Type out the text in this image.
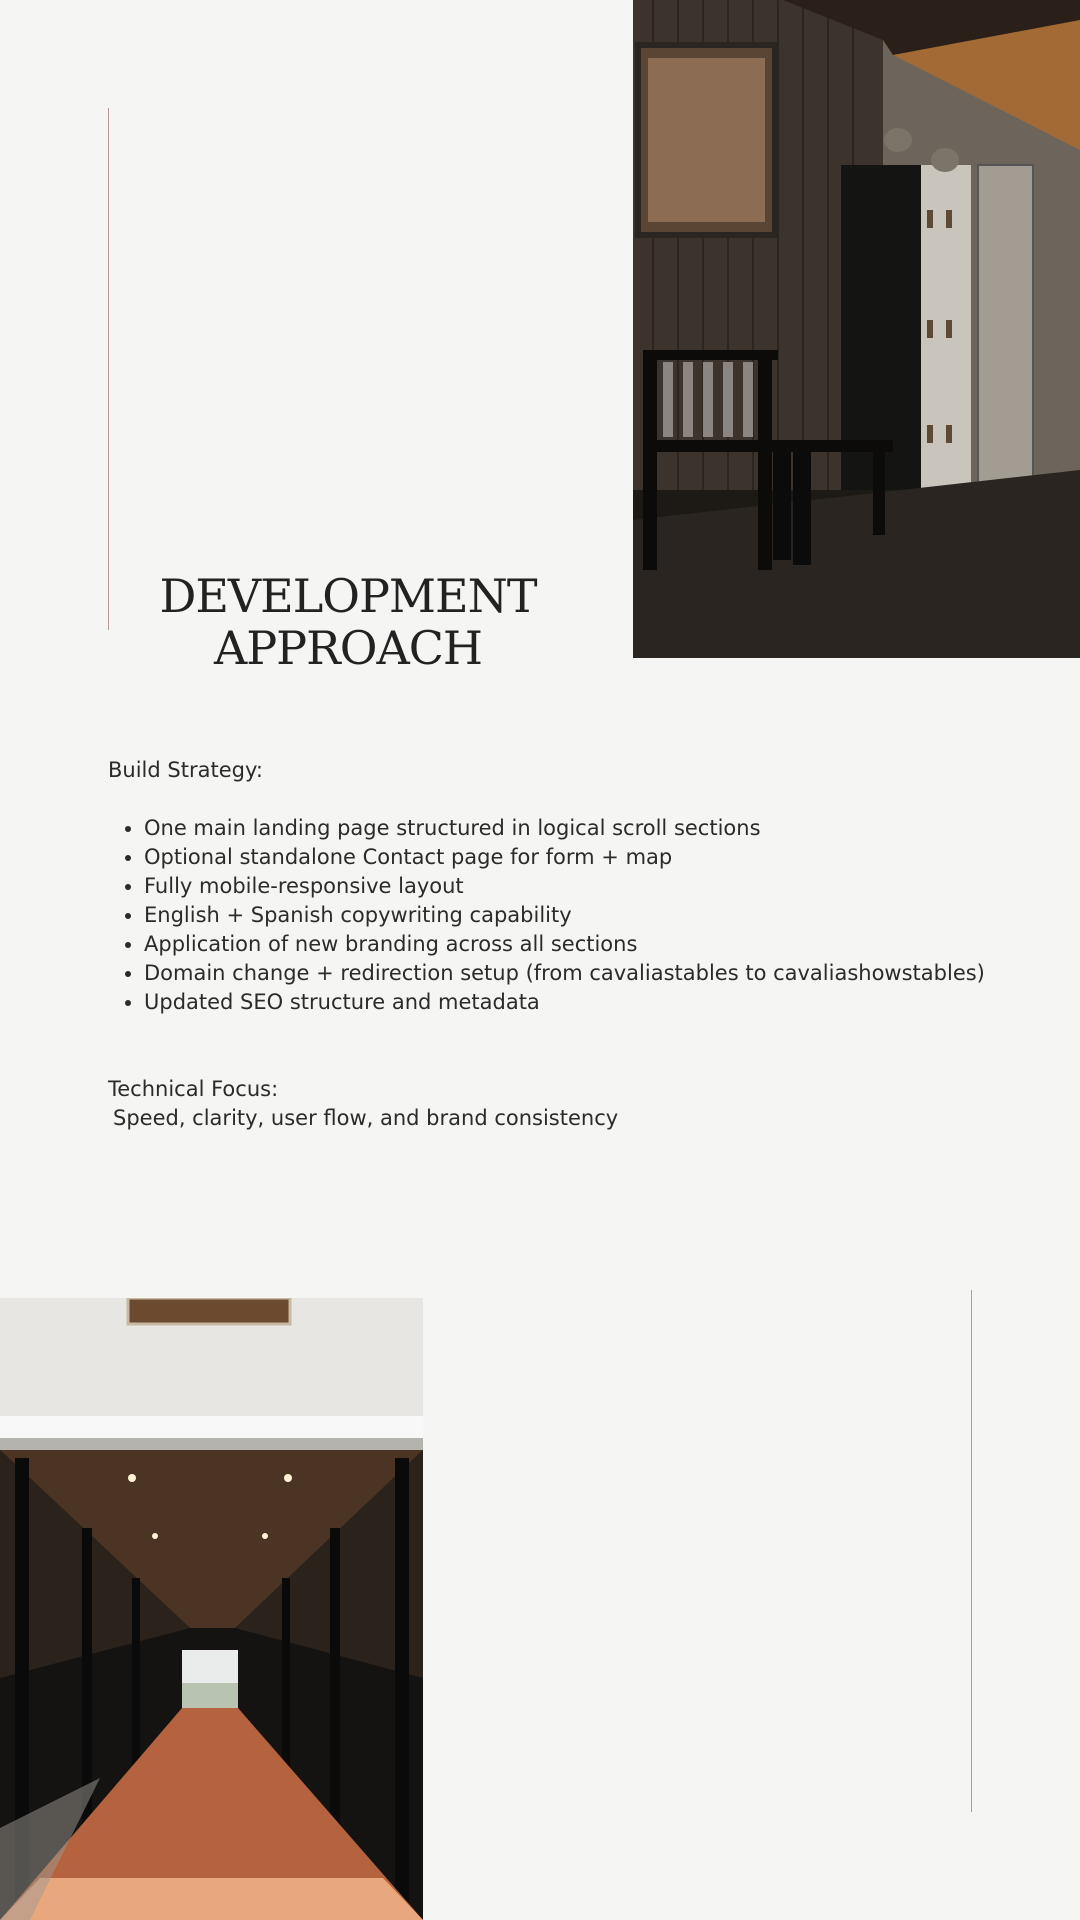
DEVELOPMENT
APPROACH

Build Strategy:

• One main landing page structured in logical scroll sections
• Optional standalone Contact page for form + map
• Fully mobile-responsive layout
• English + Spanish copywriting capability
• Application of new branding across all sections
• Domain change + redirection setup (from cavaliastables to cavaliashowstables)
• Updated SEO structure and metadata

Technical Focus:

Speed, clarity, user flow, and brand consistency
